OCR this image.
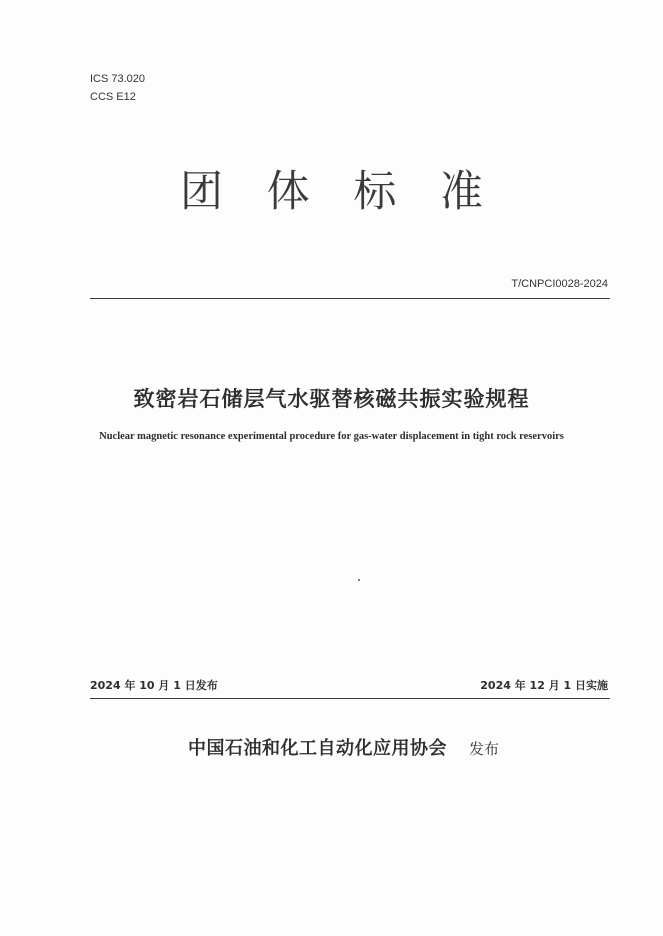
ICS 73.020
CCS E12
团 体 标 准
T/CNPCI0028-2024
致密岩石储层气水驱替核磁共振实验规程
Nuclear magnetic resonance experimental procedure for gas-water displacement in tight rock reservoirs
2024 年 10 月 1 日发布	2024 年 12 月 1 日实施
中国石油和化工自动化应用协会 发布
